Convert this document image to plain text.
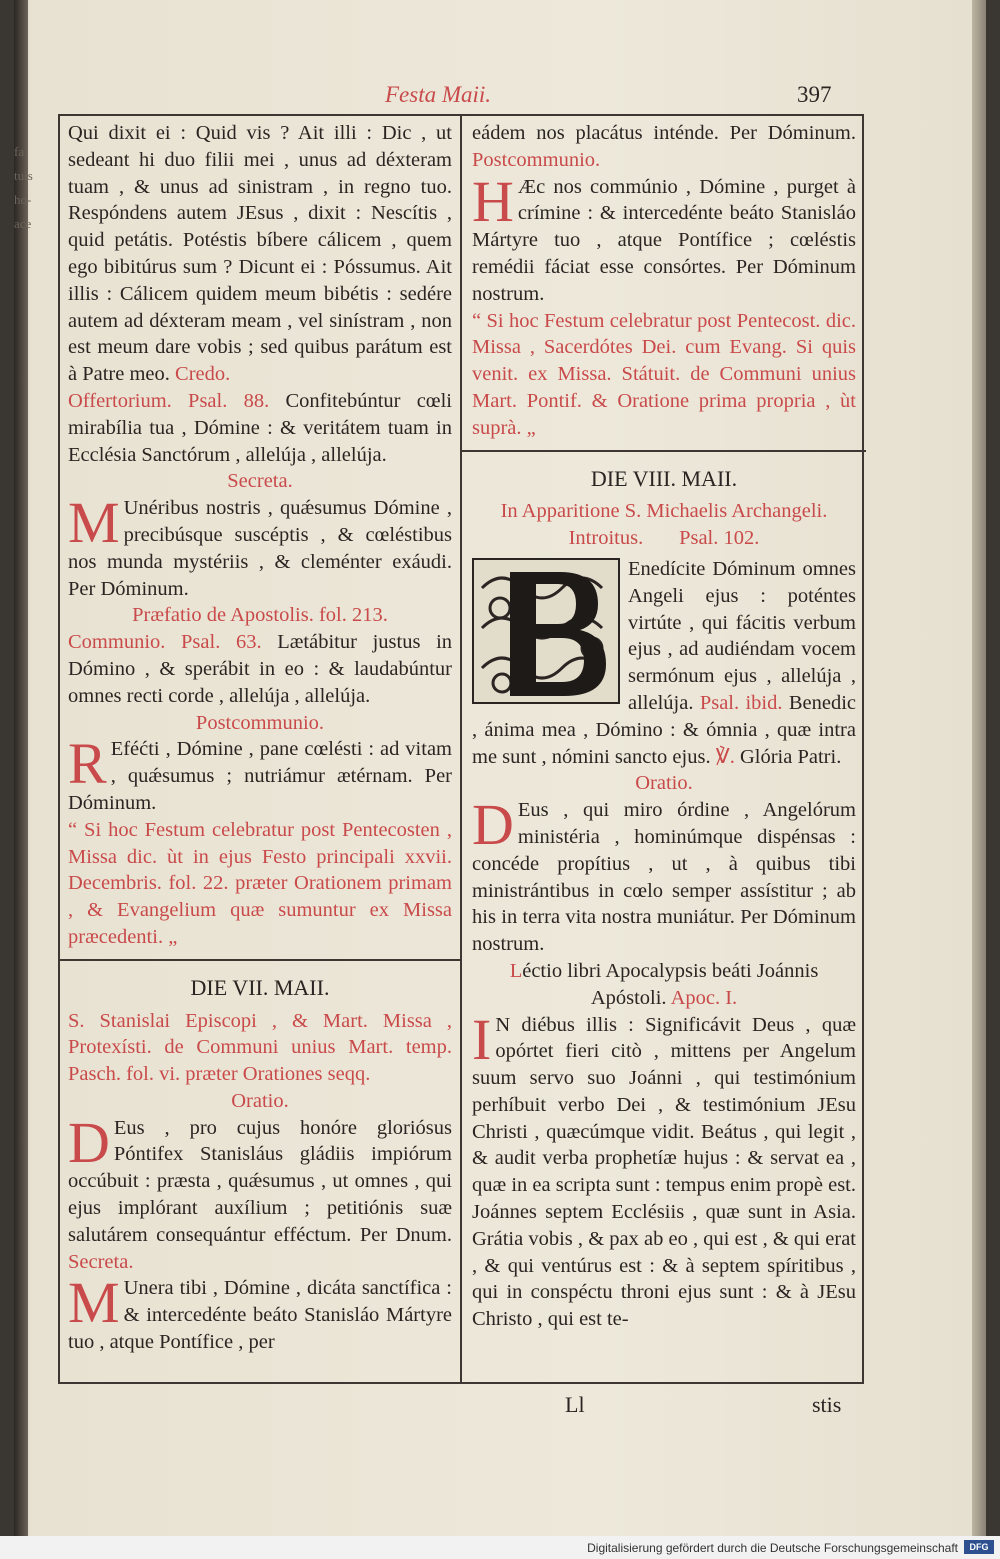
fa
tuis
ho-
ace
Festa Maii.	397

Qui dixit ei : Quid vis ? Ait illi : Dic , ut sedeant hi duo filii mei , unus ad déxteram tuam , & unus ad sinistram , in regno tuo. Respóndens autem JEsus , dixit : Nescítis , quid petátis. Potéstis bíbere cálicem , quem ego bibitúrus sum ? Dicunt ei : Póssumus. Ait illis : Cálicem quidem meum bibétis : sedére autem ad déxteram meam , vel sinístram , non est meum dare vobis ; sed quibus parátum est à Patre meo. Credo.

Offertorium. Psal. 88. Confitebúntur cœli mirabília tua , Dómine : & veritátem tuam in Ecclésia Sanctórum , allelúja , allelúja.

Secreta.

M Unéribus nostris , quǽsumus Dómine , precibúsque suscéptis , & cœléstibus nos munda mystériis , & cleménter exáudi. Per Dóminum.

Præfatio de Apostolis. fol. 213.

Communio. Psal. 63. Lætábitur justus in Dómino , & sperábit in eo : & laudabúntur omnes recti corde , allelúja , allelúja.

Postcommunio.

R Eféćti , Dómine , pane cœlésti : ad vitam , quǽsumus ; nutriámur ætérnam. Per Dóminum.

“ Si hoc Festum celebratur post Pentecosten , Missa dic. ùt in ejus Festo principali xxvii. Decembris. fol. 22. præter Orationem primam , & Evangelium quæ sumuntur ex Missa præcedenti. „

DIE VII. MAII.

S. Stanislai Episcopi , & Mart. Missa , Protexísti. de Communi unius Mart. temp. Pasch. fol. vi. præter Orationes seqq.

Oratio.

D Eus , pro cujus honóre gloriósus Póntifex Stanisláus gládiis impiórum occúbuit : præsta , quǽsumus , ut omnes , qui ejus implórant auxílium ; petitiónis suæ salutárem consequántur efféctum. Per Dnum. Secreta.

M Unera tibi , Dómine , dicáta sanctífica : & intercedénte beáto Stanisláo Mártyre tuo , atque Pontífice , per

eádem nos placátus inténde. Per Dóminum. Postcommunio.

H Æc nos commúnio , Dómine , purget à crímine : & intercedénte beáto Stanisláo Mártyre tuo , atque Pontífice ; cœléstis remédii fáciat esse consórtes. Per Dóminum nostrum.

“ Si hoc Festum celebratur post Pentecost. dic. Missa , Sacerdótes Dei. cum Evang. Si quis venit. ex Missa. Státuit. de Communi unius Mart. Pontif. & Oratione prima propria , ùt suprà. „

DIE VIII. MAII.

In Apparitione S. Michaelis Archangeli.

Introitus. Psal. 102.

Enedícite Dóminum omnes Angeli ejus : poténtes virtúte , qui fácitis verbum ejus , ad audiéndam vocem sermónum ejus , allelúja , allelúja. Psal. ibid. Benedic , ánima mea , Dómino : & ómnia , quæ intra me sunt , nómini sancto ejus. ℣. Glória Patri.

Oratio.

D Eus , qui miro órdine , Angelórum ministéria , hominúmque dispénsas : concéde propítius , ut , à quibus tibi ministrántibus in cœlo semper assístitur ; ab his in terra vita nostra muniátur. Per Dóminum nostrum.

Léctio libri Apocalypsis beáti Joánnis Apóstoli. Apoc. I.

I N diébus illis : Significávit Deus , quæ opórtet fieri citò , mittens per Angelum suum servo suo Joánni , qui testimónium perhíbuit verbo Dei , & testimónium JEsu Christi , quæcúmque vidit. Beátus , qui legit , & audit verba prophetíæ hujus : & servat ea , quæ in ea scripta sunt : tempus enim propè est. Joánnes septem Ecclésiis , quæ sunt in Asia. Grátia vobis , & pax ab eo , qui est , & qui erat , & qui ventúrus est : & à septem spíritibus , qui in conspéctu throni ejus sunt : & à JEsu Christo , qui est te-

Ll	stis
Digitalisierung gefördert durch die Deutsche Forschungsgemeinschaft	DFG
